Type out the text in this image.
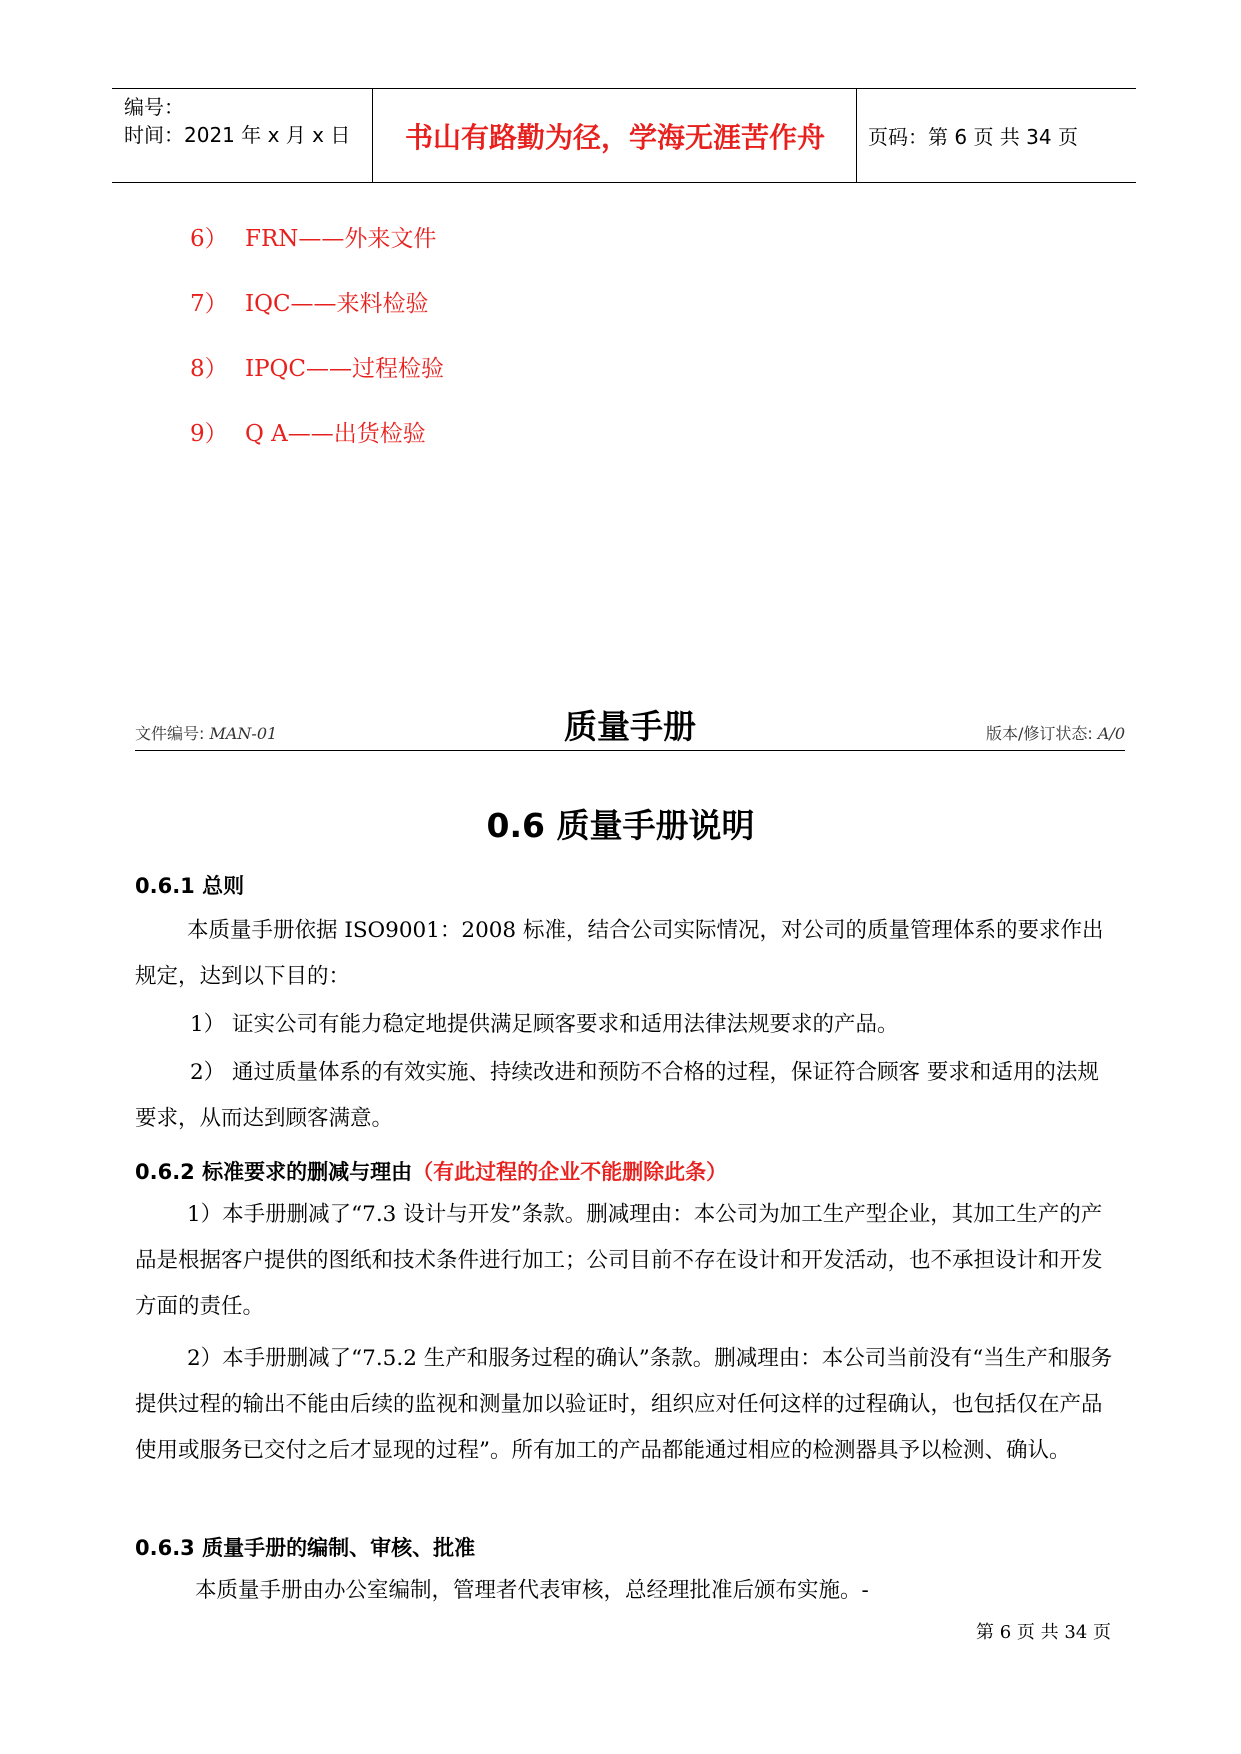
编号：
时间：2021 年 x 月 x 日	书山有路勤为径，学海无涯苦作舟	页码：第 6 页 共 34 页
6） FRN——外来文件
7） IQC——来料检验
8） IPQC——过程检验
9） Q A——出货检验
文件编号: MAN-01	质量手册	版本/修订状态: A/0
0.6 质量手册说明
0.6.1 总则
本质量手册依据 ISO9001：2008 标准，结合公司实际情况，对公司的质量管理体系的要求作出规定，达到以下目的：
1） 证实公司有能力稳定地提供满足顾客要求和适用法律法规要求的产品。
2） 通过质量体系的有效实施、持续改进和预防不合格的过程，保证符合顾客 要求和适用的法规要求，从而达到顾客满意。
0.6.2 标准要求的删减与理由（有此过程的企业不能删除此条）
1）本手册删减了“7.3 设计与开发”条款。删减理由：本公司为加工生产型企业，其加工生产的产品是根据客户提供的图纸和技术条件进行加工；公司目前不存在设计和开发活动，也不承担设计和开发方面的责任。
2）本手册删减了“7.5.2 生产和服务过程的确认”条款。删减理由：本公司当前没有“当生产和服务提供过程的输出不能由后续的监视和测量加以验证时，组织应对任何这样的过程确认，也包括仅在产品使用或服务已交付之后才显现的过程”。所有加工的产品都能通过相应的检测器具予以检测、确认。
0.6.3 质量手册的编制、审核、批准
本质量手册由办公室编制，管理者代表审核，总经理批准后颁布实施。-
第 6 页 共 34 页
